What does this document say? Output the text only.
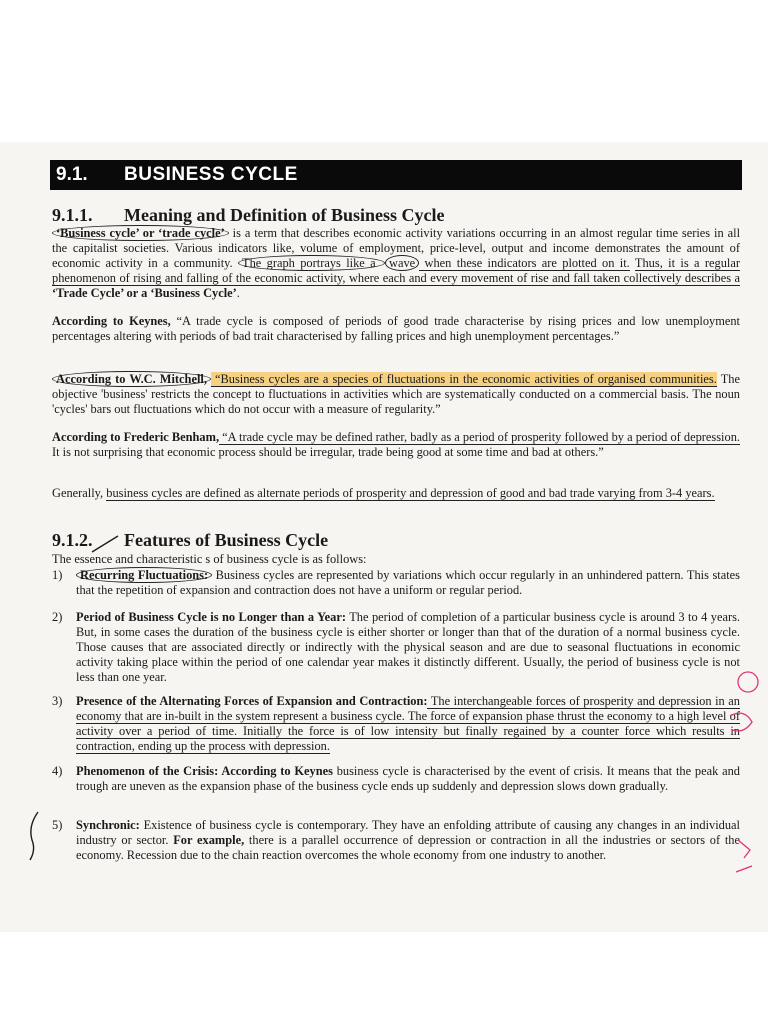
9.1.	BUSINESS CYCLE
9.1.1. Meaning and Definition of Business Cycle
‘Business cycle’ or ‘trade cycle’ is a term that describes economic activity variations occurring in an almost regular time series in all the capitalist societies. Various indicators like, volume of employment, price-level, output and income demonstrates the amount of economic activity in a community. The graph portrays like a wave when these indicators are plotted on it. Thus, it is a regular phenomenon of rising and falling of the economic activity, where each and every movement of rise and fall taken collectively describes a ‘Trade Cycle’ or a ‘Business Cycle’.
According to Keynes, “A trade cycle is composed of periods of good trade characterise by rising prices and low unemployment percentages altering with periods of bad trait characterised by falling prices and high unemployment percentages.”
According to W.C. Mitchell, “Business cycles are a species of fluctuations in the economic activities of organised communities. The objective 'business' restricts the concept to fluctuations in activities which are systematically conducted on a commercial basis. The noun 'cycles' bars out fluctuations which do not occur with a measure of regularity.”
According to Frederic Benham, “A trade cycle may be defined rather, badly as a period of prosperity followed by a period of depression. It is not surprising that economic process should be irregular, trade being good at some time and bad at others.”
Generally, business cycles are defined as alternate periods of prosperity and depression of good and bad trade varying from 3-4 years.
9.1.2. Features of Business Cycle
The essence and characteristic s of business cycle is as follows:
1)	Recurring Fluctuations: Business cycles are represented by variations which occur regularly in an unhindered pattern. This states that the repetition of expansion and contraction does not have a uniform or regular period.
2)	Period of Business Cycle is no Longer than a Year: The period of completion of a particular business cycle is around 3 to 4 years. But, in some cases the duration of the business cycle is either shorter or longer than that of the duration of a normal business cycle. Those causes that are associated directly or indirectly with the physical season and are due to seasonal fluctuations in economic activity taking place within the period of one calendar year makes it distinctly different. Usually, the period of business cycle is not less than one year.
3)	Presence of the Alternating Forces of Expansion and Contraction: The interchangeable forces of prosperity and depression in an economy that are in-built in the system represent a business cycle. The force of expansion phase thrust the economy to a high level of activity over a period of time. Initially the force is of low intensity but finally regained by a counter force which results in contraction, ending up the process with depression.
4)	Phenomenon of the Crisis: According to Keynes business cycle is characterised by the event of crisis. It means that the peak and trough are uneven as the expansion phase of the business cycle ends up suddenly and depression slows down gradually.
5)	Synchronic: Existence of business cycle is contemporary. They have an enfolding attribute of causing any changes in an individual industry or sector. For example, there is a parallel occurrence of depression or contraction in all the industries or sectors of the economy. Recession due to the chain reaction overcomes the whole economy from one industry to another.
